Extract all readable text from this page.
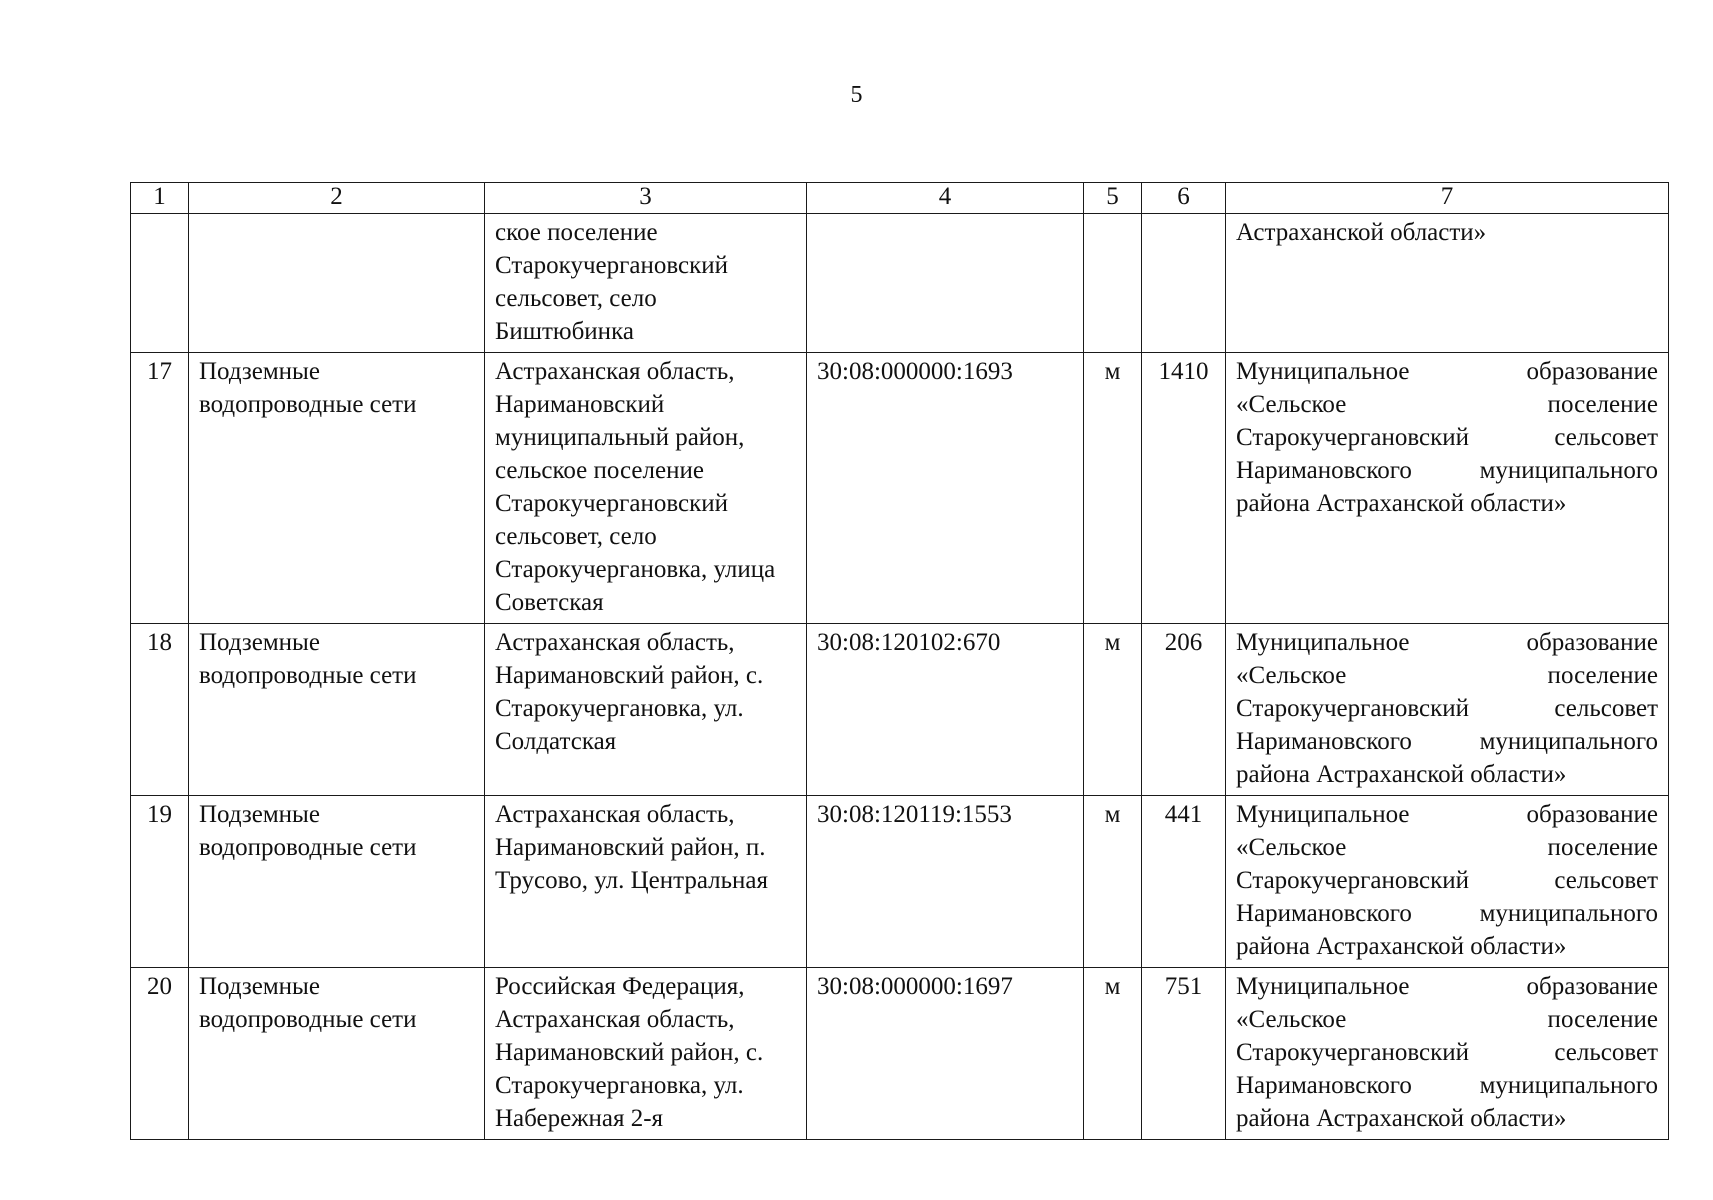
5
1	2	3	4	5	6	7
		ское поселение Старокучергановский сельсовет, село Биштюбинка				Астраханской области»
17	Подземные водопроводные сети	Астраханская область, Наримановский муниципальный район, сельское поселение Старокучергановский сельсовет, село Старокучергановка, улица Советская	30:08:000000:1693	м	1410	Муниципальное образование «Сельское поселение Старокучергановский сельсовет Наримановского муниципального района Астраханской области»
18	Подземные водопроводные сети	Астраханская область, Наримановский район, с. Старокучергановка, ул. Солдатская	30:08:120102:670	м	206	Муниципальное образование «Сельское поселение Старокучергановский сельсовет Наримановского муниципального района Астраханской области»
19	Подземные водопроводные сети	Астраханская область, Наримановский район, п. Трусово, ул. Центральная	30:08:120119:1553	м	441	Муниципальное образование «Сельское поселение Старокучергановский сельсовет Наримановского муниципального района Астраханской области»
20	Подземные водопроводные сети	Российская Федерация, Астраханская область, Наримановский район, с. Старокучергановка, ул. Набережная 2-я	30:08:000000:1697	м	751	Муниципальное образование «Сельское поселение Старокучергановский сельсовет Наримановского муниципального района Астраханской области»
